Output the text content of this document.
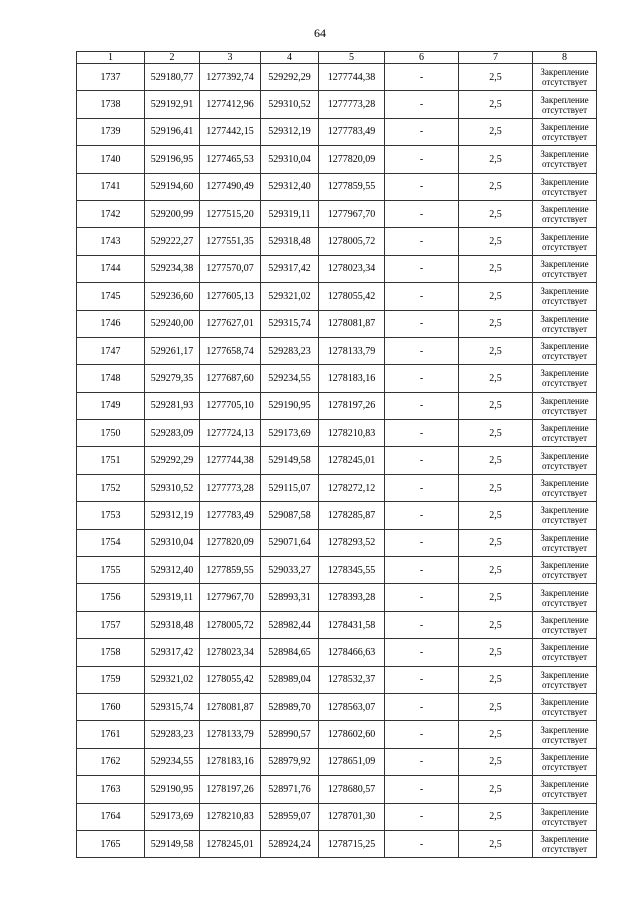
64
1	2	3	4	5	6	7	8
1737	529180,77	1277392,74	529292,29	1277744,38	-	2,5	Закрепление отсутствует
1738	529192,91	1277412,96	529310,52	1277773,28	-	2,5	Закрепление отсутствует
1739	529196,41	1277442,15	529312,19	1277783,49	-	2,5	Закрепление отсутствует
1740	529196,95	1277465,53	529310,04	1277820,09	-	2,5	Закрепление отсутствует
1741	529194,60	1277490,49	529312,40	1277859,55	-	2,5	Закрепление отсутствует
1742	529200,99	1277515,20	529319,11	1277967,70	-	2,5	Закрепление отсутствует
1743	529222,27	1277551,35	529318,48	1278005,72	-	2,5	Закрепление отсутствует
1744	529234,38	1277570,07	529317,42	1278023,34	-	2,5	Закрепление отсутствует
1745	529236,60	1277605,13	529321,02	1278055,42	-	2,5	Закрепление отсутствует
1746	529240,00	1277627,01	529315,74	1278081,87	-	2,5	Закрепление отсутствует
1747	529261,17	1277658,74	529283,23	1278133,79	-	2,5	Закрепление отсутствует
1748	529279,35	1277687,60	529234,55	1278183,16	-	2,5	Закрепление отсутствует
1749	529281,93	1277705,10	529190,95	1278197,26	-	2,5	Закрепление отсутствует
1750	529283,09	1277724,13	529173,69	1278210,83	-	2,5	Закрепление отсутствует
1751	529292,29	1277744,38	529149,58	1278245,01	-	2,5	Закрепление отсутствует
1752	529310,52	1277773,28	529115,07	1278272,12	-	2,5	Закрепление отсутствует
1753	529312,19	1277783,49	529087,58	1278285,87	-	2,5	Закрепление отсутствует
1754	529310,04	1277820,09	529071,64	1278293,52	-	2,5	Закрепление отсутствует
1755	529312,40	1277859,55	529033,27	1278345,55	-	2,5	Закрепление отсутствует
1756	529319,11	1277967,70	528993,31	1278393,28	-	2,5	Закрепление отсутствует
1757	529318,48	1278005,72	528982,44	1278431,58	-	2,5	Закрепление отсутствует
1758	529317,42	1278023,34	528984,65	1278466,63	-	2,5	Закрепление отсутствует
1759	529321,02	1278055,42	528989,04	1278532,37	-	2,5	Закрепление отсутствует
1760	529315,74	1278081,87	528989,70	1278563,07	-	2,5	Закрепление отсутствует
1761	529283,23	1278133,79	528990,57	1278602,60	-	2,5	Закрепление отсутствует
1762	529234,55	1278183,16	528979,92	1278651,09	-	2,5	Закрепление отсутствует
1763	529190,95	1278197,26	528971,76	1278680,57	-	2,5	Закрепление отсутствует
1764	529173,69	1278210,83	528959,07	1278701,30	-	2,5	Закрепление отсутствует
1765	529149,58	1278245,01	528924,24	1278715,25	-	2,5	Закрепление отсутствует
